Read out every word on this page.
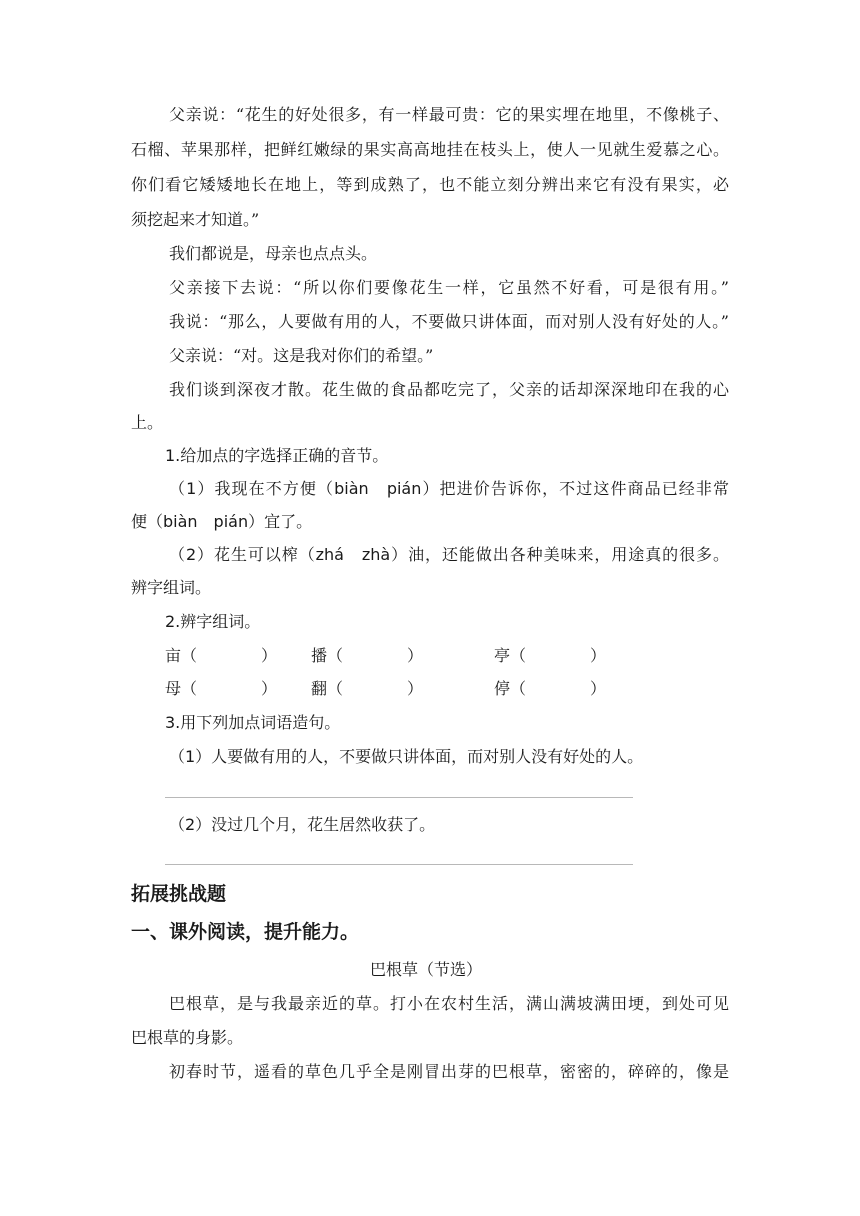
父亲说：“花生的好处很多，有一样最可贵：它的果实埋在地里，不像桃子、
石榴、苹果那样，把鲜红嫩绿的果实高高地挂在枝头上，使人一见就生爱慕之心。
你们看它矮矮地长在地上，等到成熟了，也不能立刻分辨出来它有没有果实，必
须挖起来才知道。”
我们都说是，母亲也点点头。
父亲接下去说：“所以你们要像花生一样，它虽然不好看，可是很有用。”
我说：“那么，人要做有用的人，不要做只讲体面，而对别人没有好处的人。”
父亲说：“对。这是我对你们的希望。”
我们谈到深夜才散。花生做的食品都吃完了，父亲的话却深深地印在我的心
上。
1.给加点的字选择正确的音节。
（1）我现在不方便（biàn　pián）把进价告诉你，不过这件商品已经非常
便（biàn　pián）宜了。
（2）花生可以榨（zhá　zhà）油，还能做出各种美味来，用途真的很多。
辨字组词。
2.辨字组词。
亩（　　　　） 播（　　　　）	亭（　　　　）
母（　　　　） 翻（　　　　）	停（　　　　）
3.用下列加点词语造句。
（1）人要做有用的人，不要做只讲体面，而对别人没有好处的人。
（2）没过几个月，花生居然收获了。
拓展挑战题
一、课外阅读，提升能力。
巴根草（节选）
巴根草，是与我最亲近的草。打小在农村生活，满山满坡满田埂，到处可见
巴根草的身影。
初春时节，遥看的草色几乎全是刚冒出芽的巴根草，密密的，碎碎的，像是
